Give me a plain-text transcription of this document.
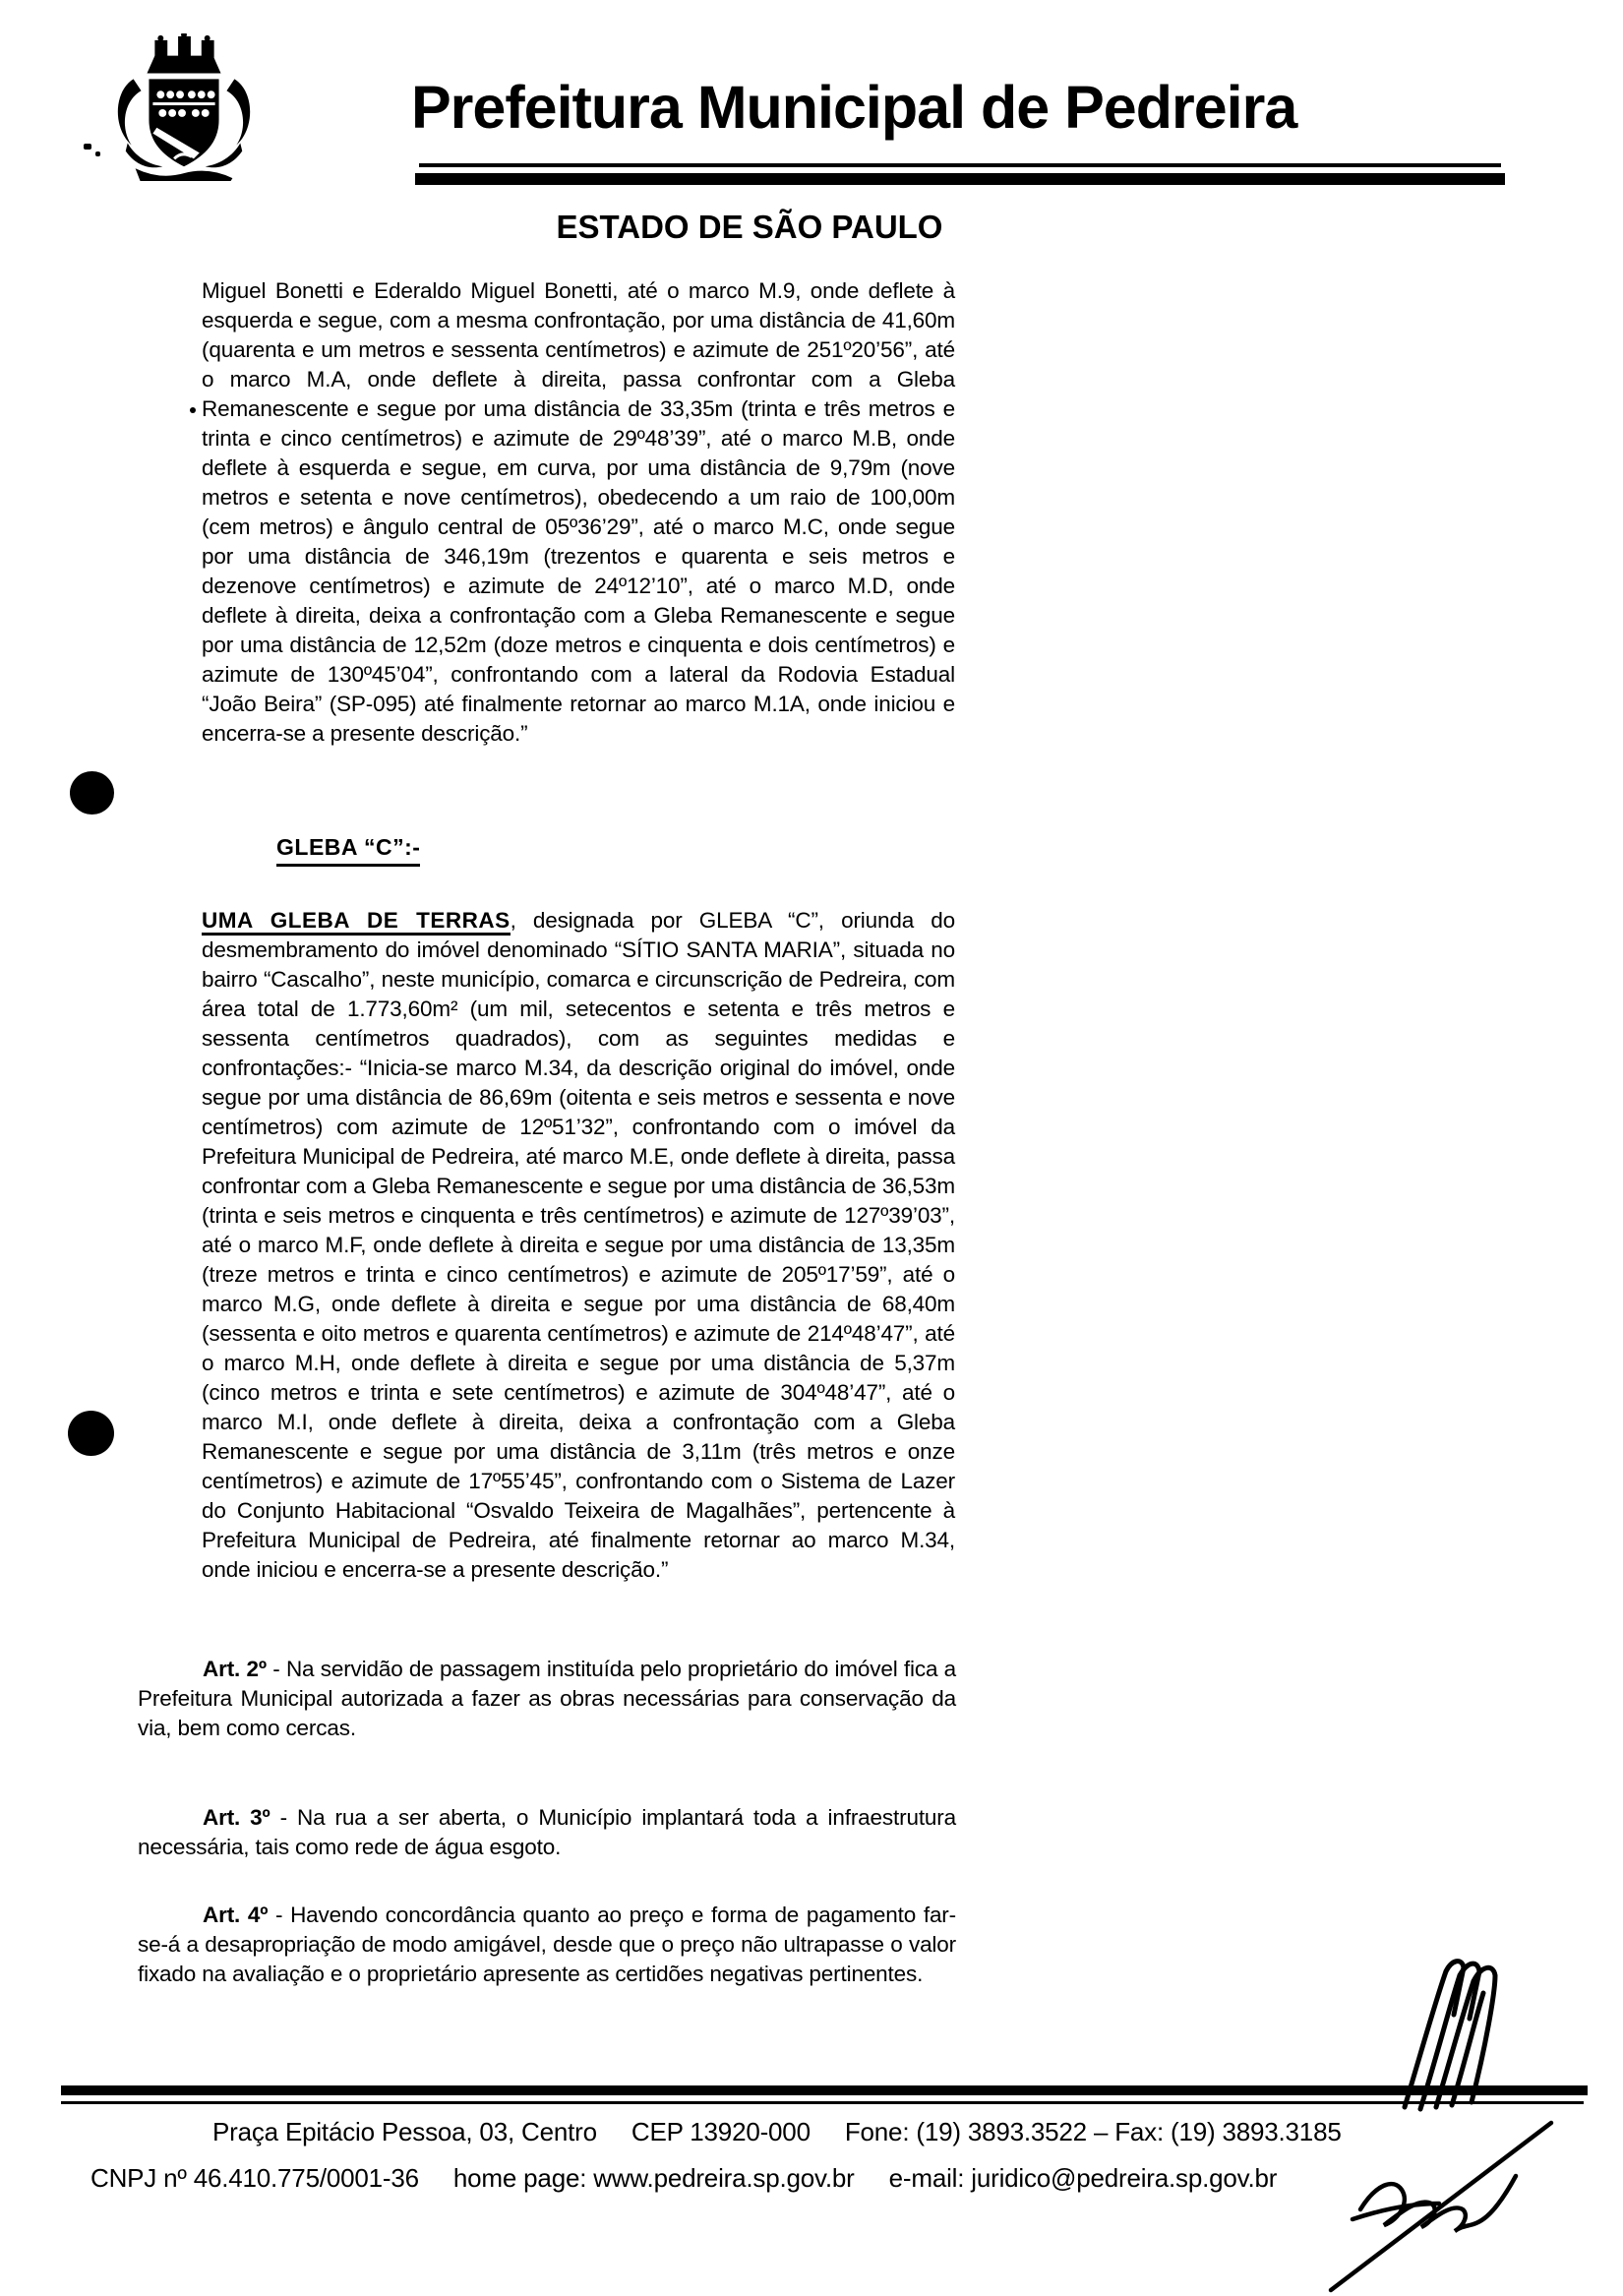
Prefeitura Municipal de Pedreira
ESTADO DE SÃO PAULO
Miguel Bonetti e Ederaldo Miguel Bonetti, até o marco M.9, onde deflete à esquerda e segue, com a mesma confrontação, por uma distância de 41,60m (quarenta e um metros e sessenta centímetros) e azimute de 251º20’56”, até o marco M.A, onde deflete à direita, passa confrontar com a Gleba Remanescente e segue por uma distância de 33,35m (trinta e três metros e trinta e cinco centímetros) e azimute de 29º48’39”, até o marco M.B, onde deflete à esquerda e segue, em curva, por uma distância de 9,79m (nove metros e setenta e nove centímetros), obedecendo a um raio de 100,00m (cem metros) e ângulo central de 05º36’29”, até o marco M.C, onde segue por uma distância de 346,19m (trezentos e quarenta e seis metros e dezenove centímetros) e azimute de 24º12’10”, até o marco M.D, onde deflete à direita, deixa a confrontação com a Gleba Remanescente e segue por uma distância de 12,52m (doze metros e cinquenta e dois centímetros) e azimute de 130º45’04”, confrontando com a lateral da Rodovia Estadual “João Beira” (SP-095) até finalmente retornar ao marco M.1A, onde iniciou e encerra-se a presente descrição.”
GLEBA “C”:-
UMA GLEBA DE TERRAS, designada por GLEBA “C”, oriunda do desmembramento do imóvel denominado “SÍTIO SANTA MARIA”, situada no bairro “Cascalho”, neste município, comarca e circunscrição de Pedreira, com área total de 1.773,60m² (um mil, setecentos e setenta e três metros e sessenta centímetros quadrados), com as seguintes medidas e confrontações:- “Inicia-se marco M.34, da descrição original do imóvel, onde segue por uma distância de 86,69m (oitenta e seis metros e sessenta e nove centímetros) com azimute de 12º51’32”, confrontando com o imóvel da Prefeitura Municipal de Pedreira, até marco M.E, onde deflete à direita, passa confrontar com a Gleba Remanescente e segue por uma distância de 36,53m (trinta e seis metros e cinquenta e três centímetros) e azimute de 127º39’03”, até o marco M.F, onde deflete à direita e segue por uma distância de 13,35m (treze metros e trinta e cinco centímetros) e azimute de 205º17’59”, até o marco M.G, onde deflete à direita e segue por uma distância de 68,40m (sessenta e oito metros e quarenta centímetros) e azimute de 214º48’47”, até o marco M.H, onde deflete à direita e segue por uma distância de 5,37m (cinco metros e trinta e sete centímetros) e azimute de 304º48’47”, até o marco M.I, onde deflete à direita, deixa a confrontação com a Gleba Remanescente e segue por uma distância de 3,11m (três metros e onze centímetros) e azimute de 17º55’45”, confrontando com o Sistema de Lazer do Conjunto Habitacional “Osvaldo Teixeira de Magalhães”, pertencente à Prefeitura Municipal de Pedreira, até finalmente retornar ao marco M.34, onde iniciou e encerra-se a presente descrição.”
Art. 2º - Na servidão de passagem instituída pelo proprietário do imóvel fica a Prefeitura Municipal autorizada a fazer as obras necessárias para conservação da via, bem como cercas.
Art. 3º - Na rua a ser aberta, o Município implantará toda a infraestrutura necessária, tais como rede de água esgoto.
Art. 4º - Havendo concordância quanto ao preço e forma de pagamento far-se-á a desapropriação de modo amigável, desde que o preço não ultrapasse o valor fixado na avaliação e o proprietário apresente as certidões negativas pertinentes.
Praça Epitácio Pessoa, 03, Centro CEP 13920-000 Fone: (19) 3893.3522 – Fax: (19) 3893.3185
CNPJ nº 46.410.775/0001-36 home page: www.pedreira.sp.gov.br e-mail: juridico@pedreira.sp.gov.br
